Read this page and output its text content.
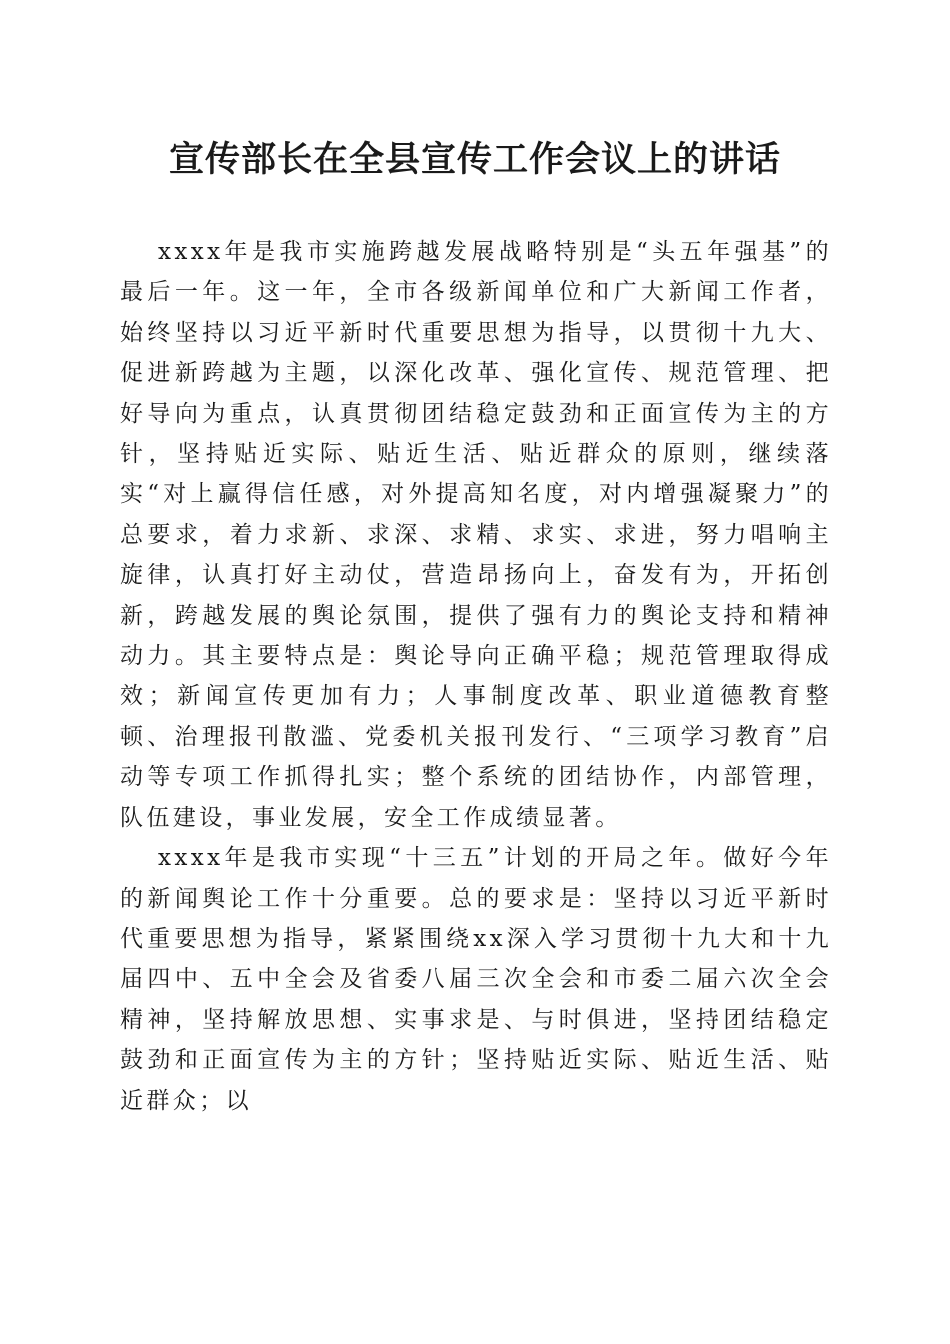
宣传部长在全县宣传工作会议上的讲话

xxxx年是我市实施跨越发展战略特别是“头五年强基”的最后一年。这一年，全市各级新闻单位和广大新闻工作者，始终坚持以习近平新时代重要思想为指导，以贯彻十九大、促进新跨越为主题，以深化改革、强化宣传、规范管理、把好导向为重点，认真贯彻团结稳定鼓劲和正面宣传为主的方针，坚持贴近实际、贴近生活、贴近群众的原则，继续落实“对上赢得信任感，对外提高知名度，对内增强凝聚力”的总要求，着力求新、求深、求精、求实、求进，努力唱响主旋律，认真打好主动仗，营造昂扬向上，奋发有为，开拓创新，跨越发展的舆论氛围，提供了强有力的舆论支持和精神动力。其主要特点是：舆论导向正确平稳；规范管理取得成效；新闻宣传更加有力；人事制度改革、职业道德教育整顿、治理报刊散滥、党委机关报刊发行、“三项学习教育”启动等专项工作抓得扎实；整个系统的团结协作，内部管理，队伍建设，事业发展，安全工作成绩显著。

xxxx年是我市实现“十三五”计划的开局之年。做好今年的新闻舆论工作十分重要。总的要求是：坚持以习近平新时代重要思想为指导，紧紧围绕xx深入学习贯彻十九大和十九届四中、五中全会及省委八届三次全会和市委二届六次全会精神，坚持解放思想、实事求是、与时俱进，坚持团结稳定鼓劲和正面宣传为主的方针；坚持贴近实际、贴近生活、贴近群众；以
